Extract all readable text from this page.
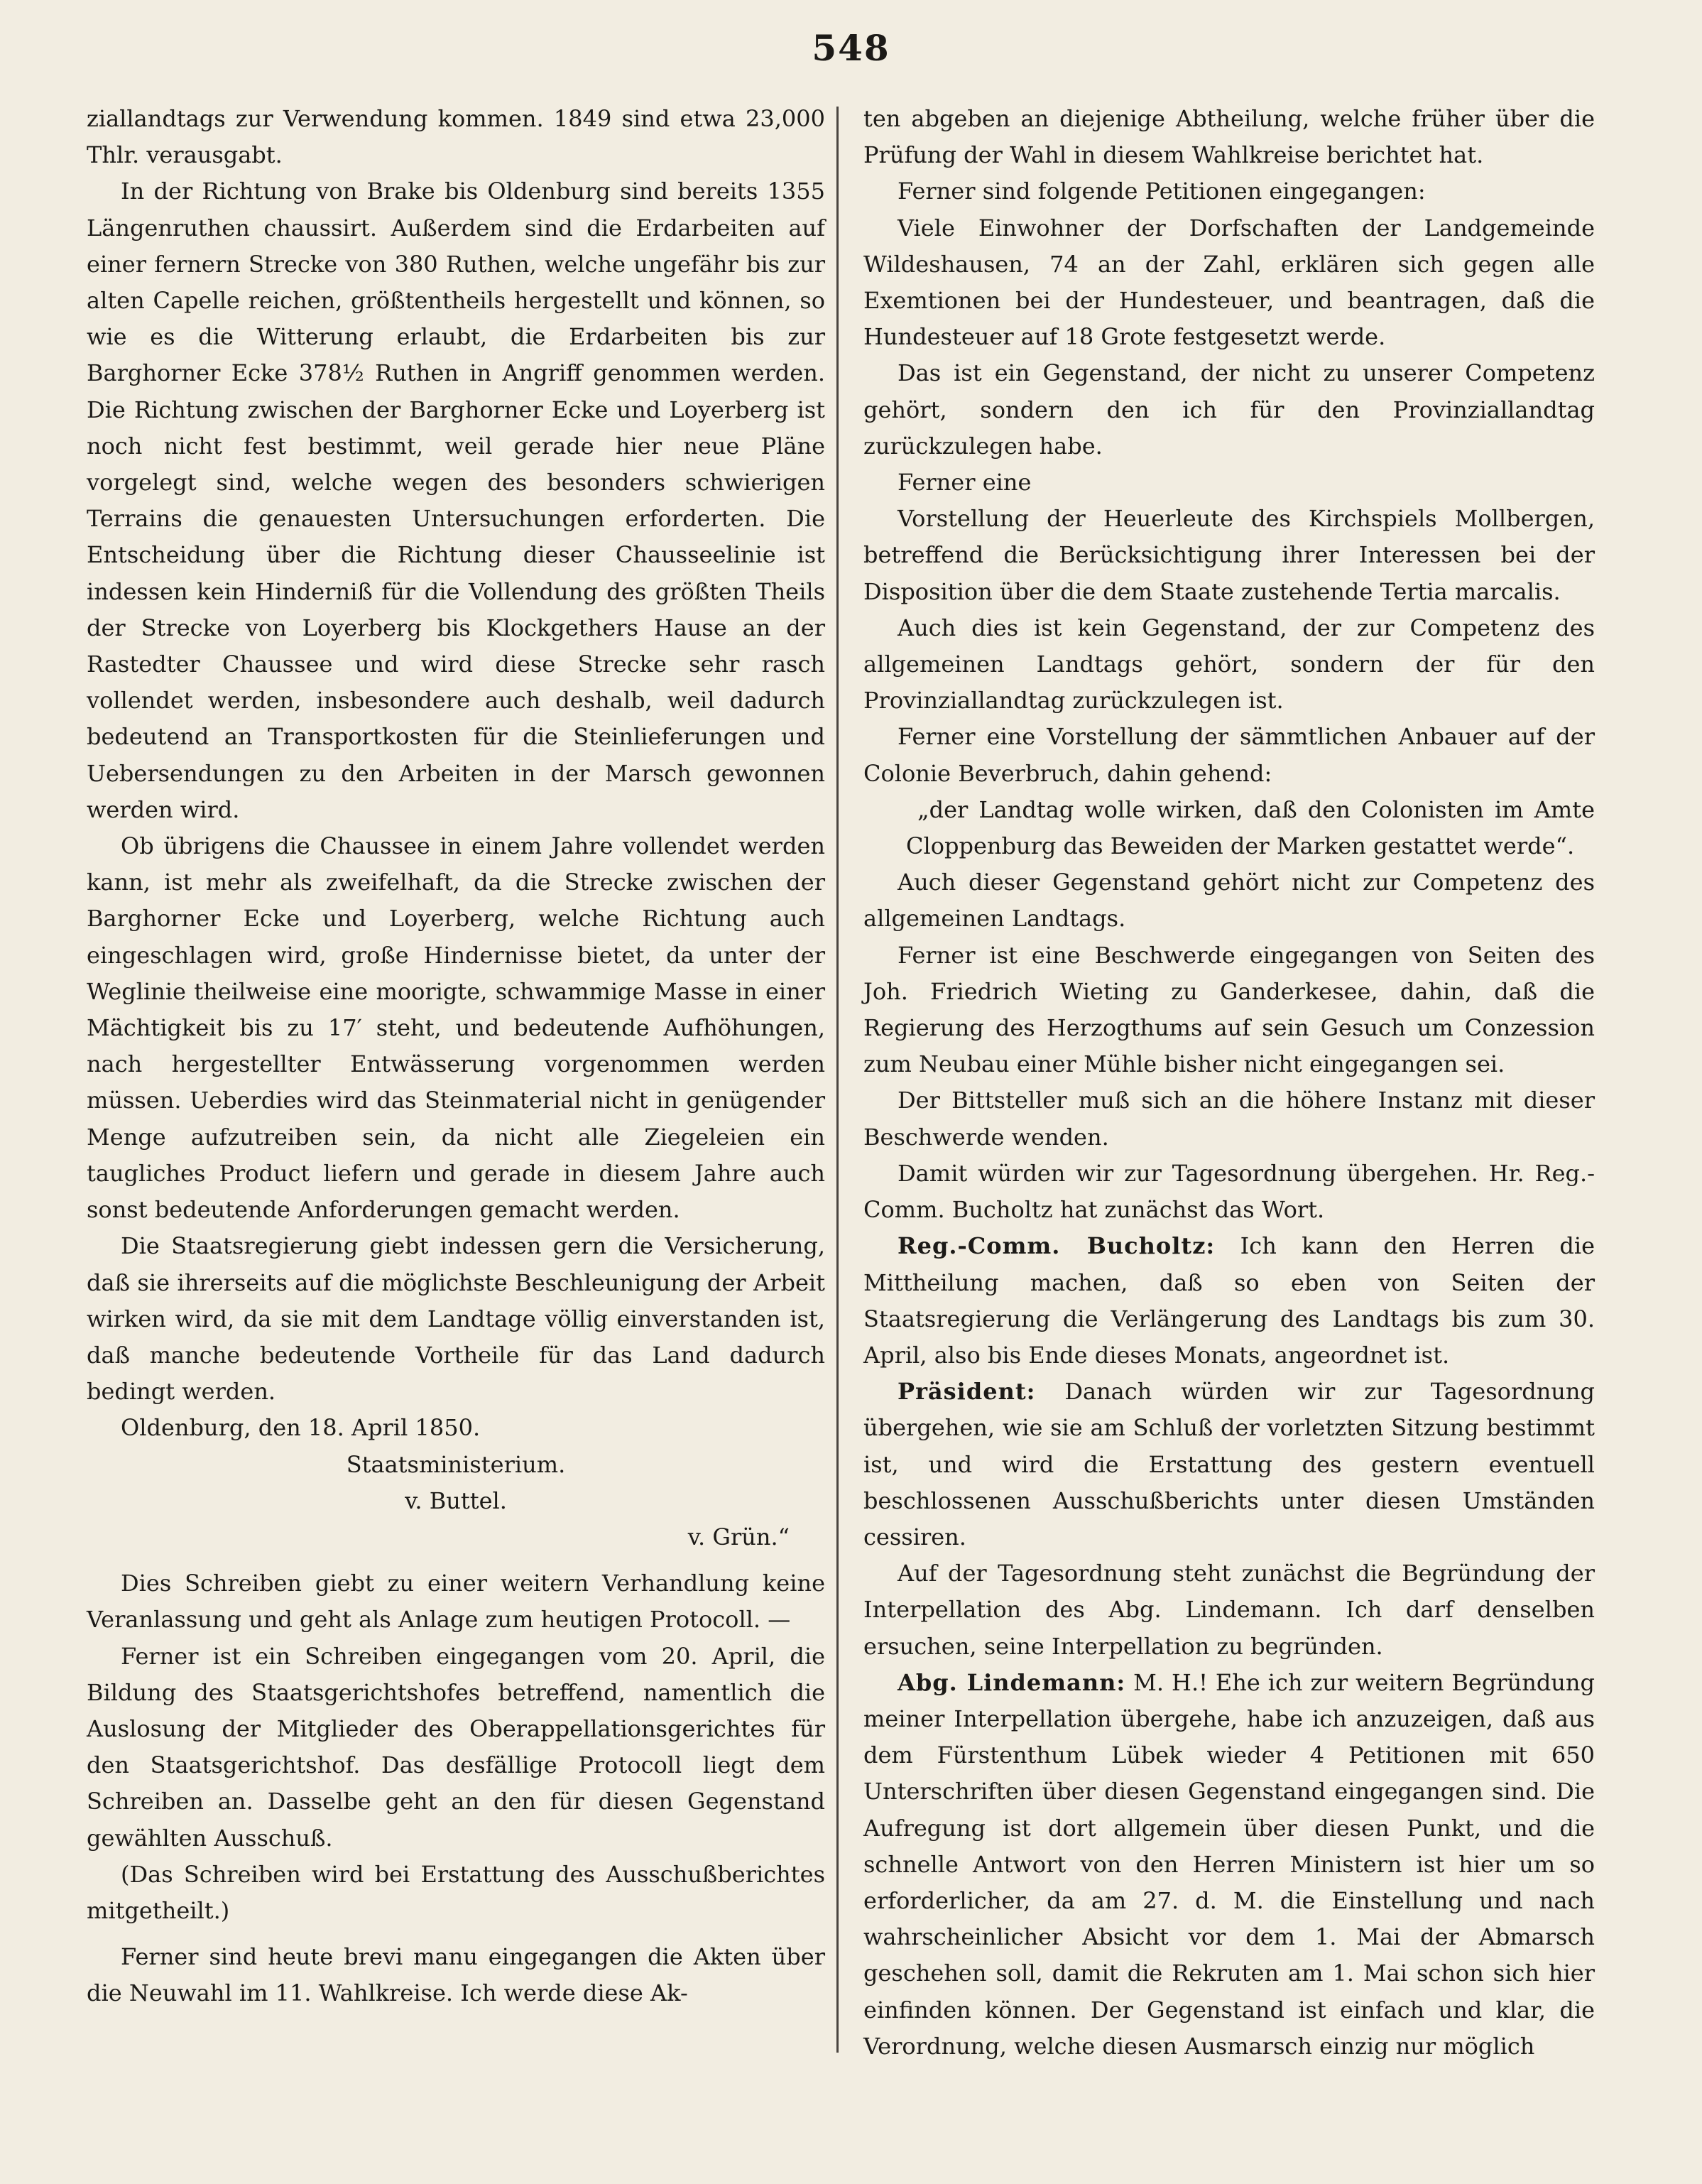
548

ziallandtags zur Verwendung kommen. 1849 sind etwa 23,000 Thlr. verausgabt.

In der Richtung von Brake bis Oldenburg sind bereits 1355 Längenruthen chaussirt. Außerdem sind die Erdarbeiten auf einer fernern Strecke von 380 Ruthen, welche ungefähr bis zur alten Capelle reichen, größtentheils hergestellt und können, so wie es die Witterung erlaubt, die Erdarbeiten bis zur Barghorner Ecke 378½ Ruthen in Angriff genommen werden. Die Richtung zwischen der Barghorner Ecke und Loyerberg ist noch nicht fest bestimmt, weil gerade hier neue Pläne vorgelegt sind, welche wegen des besonders schwierigen Terrains die genauesten Untersuchungen erforderten. Die Entscheidung über die Richtung dieser Chausseelinie ist indessen kein Hinderniß für die Vollendung des größten Theils der Strecke von Loyerberg bis Klockgethers Hause an der Rastedter Chaussee und wird diese Strecke sehr rasch vollendet werden, insbesondere auch deshalb, weil dadurch bedeutend an Transportkosten für die Steinlieferungen und Uebersendungen zu den Arbeiten in der Marsch gewonnen werden wird.

Ob übrigens die Chaussee in einem Jahre vollendet werden kann, ist mehr als zweifelhaft, da die Strecke zwischen der Barghorner Ecke und Loyerberg, welche Richtung auch eingeschlagen wird, große Hindernisse bietet, da unter der Weglinie theilweise eine moorigte, schwammige Masse in einer Mächtigkeit bis zu 17′ steht, und bedeutende Aufhöhungen, nach hergestellter Entwässerung vorgenommen werden müssen. Ueberdies wird das Steinmaterial nicht in genügender Menge aufzutreiben sein, da nicht alle Ziegeleien ein taugliches Product liefern und gerade in diesem Jahre auch sonst bedeutende Anforderungen gemacht werden.

Die Staatsregierung giebt indessen gern die Versicherung, daß sie ihrerseits auf die möglichste Beschleunigung der Arbeit wirken wird, da sie mit dem Landtage völlig einverstanden ist, daß manche bedeutende Vortheile für das Land dadurch bedingt werden.

Oldenburg, den 18. April 1850.

Staatsministerium.

v. Buttel.

v. Grün.“

Dies Schreiben giebt zu einer weitern Verhandlung keine Veranlassung und geht als Anlage zum heutigen Protocoll. —

Ferner ist ein Schreiben eingegangen vom 20. April, die Bildung des Staatsgerichtshofes betreffend, namentlich die Auslosung der Mitglieder des Oberappellationsgerichtes für den Staatsgerichtshof. Das desfällige Protocoll liegt dem Schreiben an. Dasselbe geht an den für diesen Gegenstand gewählten Ausschuß.

(Das Schreiben wird bei Erstattung des Ausschußberichtes mitgetheilt.)

Ferner sind heute brevi manu eingegangen die Akten über die Neuwahl im 11. Wahlkreise. Ich werde diese Ak-

ten abgeben an diejenige Abtheilung, welche früher über die Prüfung der Wahl in diesem Wahlkreise berichtet hat.

Ferner sind folgende Petitionen eingegangen:

Viele Einwohner der Dorfschaften der Landgemeinde Wildeshausen, 74 an der Zahl, erklären sich gegen alle Exemtionen bei der Hundesteuer, und beantragen, daß die Hundesteuer auf 18 Grote festgesetzt werde.

Das ist ein Gegenstand, der nicht zu unserer Competenz gehört, sondern den ich für den Provinziallandtag zurückzulegen habe.

Ferner eine

Vorstellung der Heuerleute des Kirchspiels Mollbergen, betreffend die Berücksichtigung ihrer Interessen bei der Disposition über die dem Staate zustehende Tertia marcalis.

Auch dies ist kein Gegenstand, der zur Competenz des allgemeinen Landtags gehört, sondern der für den Provinziallandtag zurückzulegen ist.

Ferner eine Vorstellung der sämmtlichen Anbauer auf der Colonie Beverbruch, dahin gehend:

„der Landtag wolle wirken, daß den Colonisten im Amte Cloppenburg das Beweiden der Marken gestattet werde“.

Auch dieser Gegenstand gehört nicht zur Competenz des allgemeinen Landtags.

Ferner ist eine Beschwerde eingegangen von Seiten des Joh. Friedrich Wieting zu Ganderkesee, dahin, daß die Regierung des Herzogthums auf sein Gesuch um Conzession zum Neubau einer Mühle bisher nicht eingegangen sei.

Der Bittsteller muß sich an die höhere Instanz mit dieser Beschwerde wenden.

Damit würden wir zur Tagesordnung übergehen. Hr. Reg.-Comm. Bucholtz hat zunächst das Wort.

Reg.-Comm. Bucholtz: Ich kann den Herren die Mittheilung machen, daß so eben von Seiten der Staatsregierung die Verlängerung des Landtags bis zum 30. April, also bis Ende dieses Monats, angeordnet ist.

Präsident: Danach würden wir zur Tagesordnung übergehen, wie sie am Schluß der vorletzten Sitzung bestimmt ist, und wird die Erstattung des gestern eventuell beschlossenen Ausschußberichts unter diesen Umständen cessiren.

Auf der Tagesordnung steht zunächst die Begründung der Interpellation des Abg. Lindemann. Ich darf denselben ersuchen, seine Interpellation zu begründen.

Abg. Lindemann: M. H.! Ehe ich zur weitern Begründung meiner Interpellation übergehe, habe ich anzuzeigen, daß aus dem Fürstenthum Lübek wieder 4 Petitionen mit 650 Unterschriften über diesen Gegenstand eingegangen sind. Die Aufregung ist dort allgemein über diesen Punkt, und die schnelle Antwort von den Herren Ministern ist hier um so erforderlicher, da am 27. d. M. die Einstellung und nach wahrscheinlicher Absicht vor dem 1. Mai der Abmarsch geschehen soll, damit die Rekruten am 1. Mai schon sich hier einfinden können. Der Gegenstand ist einfach und klar, die Verordnung, welche diesen Ausmarsch einzig nur möglich
